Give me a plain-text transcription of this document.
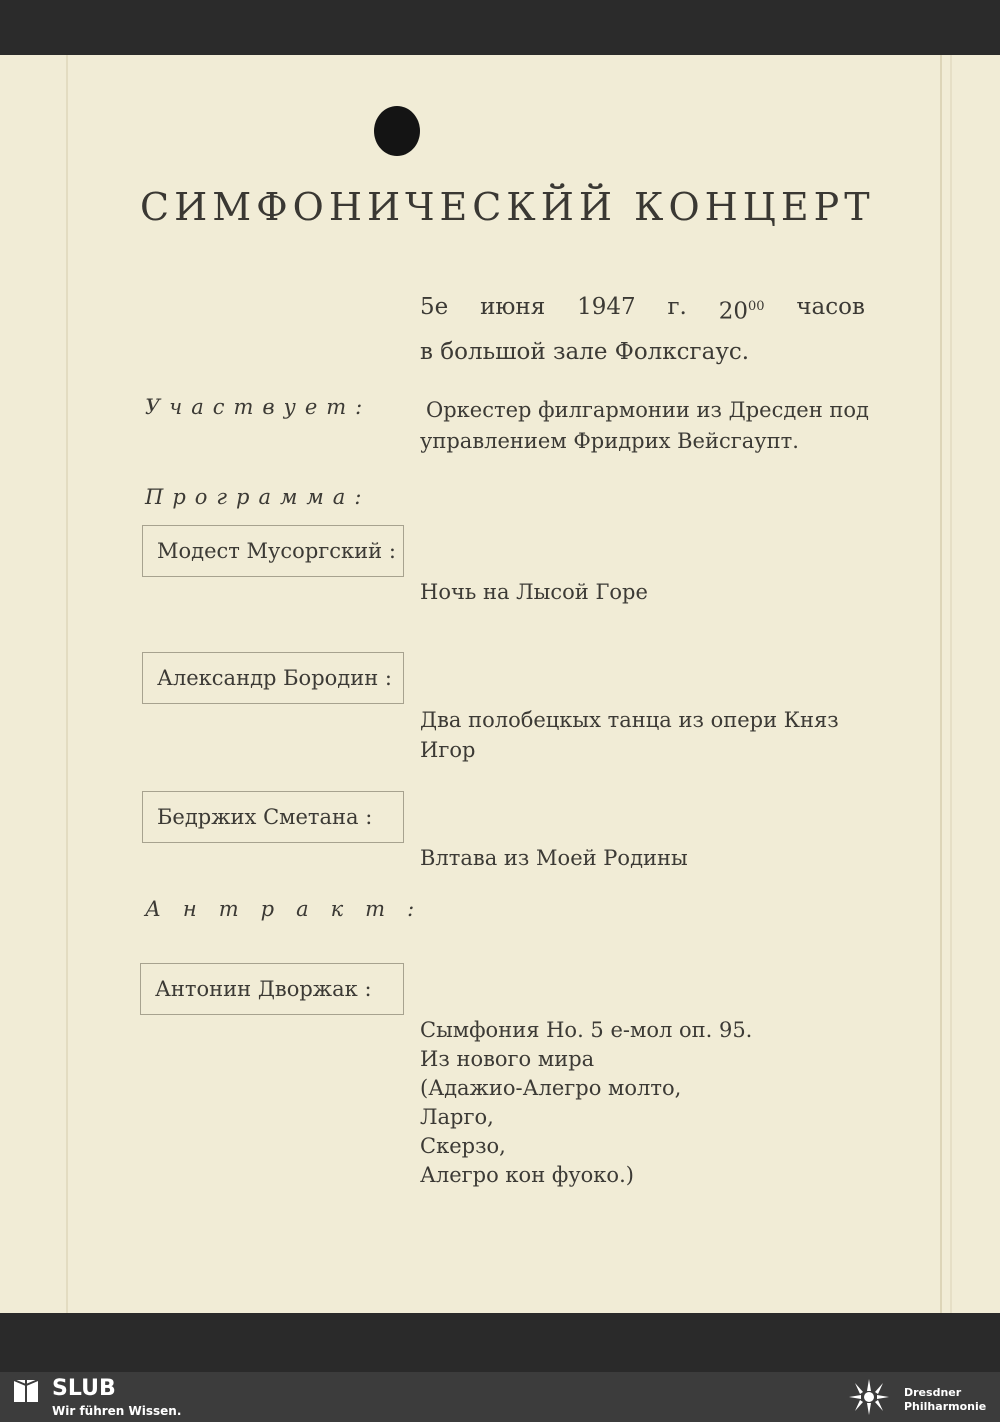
СИМФОНИЧЕСКЙЙ КОНЦЕРТ
5е июня 1947 г. $20^{00}$ часов
в большой зале Фолксгаус.
Участвует:	Оркестер филгармонии из Дресден под
управлением Фридрих Вейсгаупт.
Программа:
Модест Мусоргский :
Ночь на Лысой Горе
Александр Бородин :
Два полобецкых танца из опери Княз
Игор
Бедржих Сметана :
Влтава из Моей Родины
Антракт:
Антонин Дворжак :
Сымфония Но. 5 е-мол оп. 95.
Из нового мира
(Адажио-Алегро молто,
Ларго,
Скерзо,
Алегро кон фуоко.)
SLUB
Wir führen Wissen.
Dresdner
Philharmonie
